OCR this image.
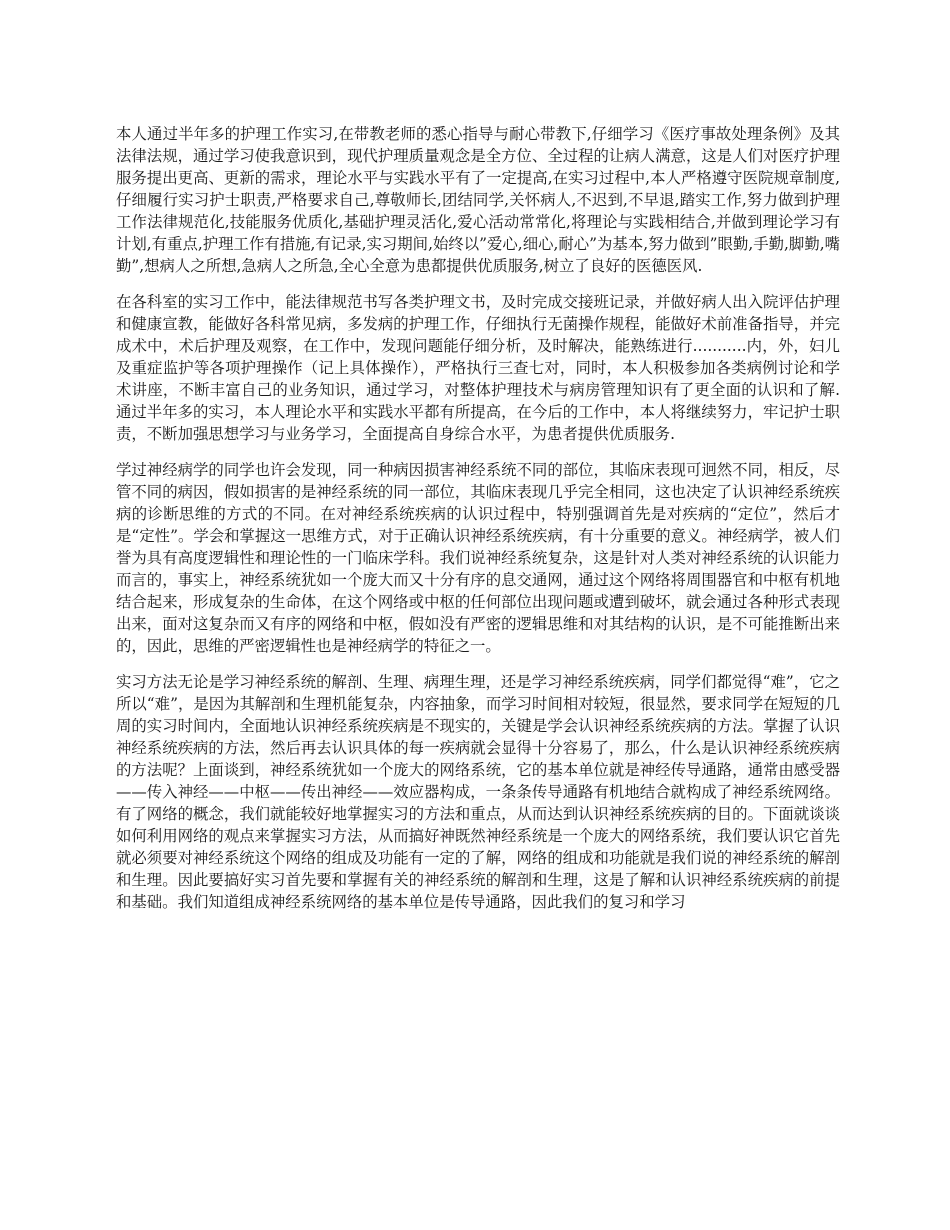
本人通过半年多的护理工作实习,在带教老师的悉心指导与耐心带教下,仔细学习《医疗事故处理条例》及其法律法规，通过学习使我意识到，现代护理质量观念是全方位、全过程的让病人满意，这是人们对医疗护理服务提出更高、更新的需求，理论水平与实践水平有了一定提高,在实习过程中,本人严格遵守医院规章制度,仔细履行实习护士职责,严格要求自己,尊敬师长,团结同学,关怀病人,不迟到,不早退,踏实工作,努力做到护理工作法律规范化,技能服务优质化,基础护理灵活化,爱心活动常常化,将理论与实践相结合,并做到理论学习有计划,有重点,护理工作有措施,有记录,实习期间,始终以”爱心,细心,耐心”为基本,努力做到”眼勤,手勤,脚勤,嘴勤”,想病人之所想,急病人之所急,全心全意为患都提供优质服务,树立了良好的医德医风.

在各科室的实习工作中，能法律规范书写各类护理文书，及时完成交接班记录，并做好病人出入院评估护理和健康宣教，能做好各科常见病，多发病的护理工作，仔细执行无菌操作规程，能做好术前准备指导，并完成术中，术后护理及观察，在工作中，发现问题能仔细分析，及时解决，能熟练进行...........内，外，妇儿及重症监护等各项护理操作（记上具体操作），严格执行三查七对，同时，本人积极参加各类病例讨论和学术讲座，不断丰富自己的业务知识，通过学习，对整体护理技术与病房管理知识有了更全面的认识和了解. 通过半年多的实习，本人理论水平和实践水平都有所提高，在今后的工作中，本人将继续努力，牢记护士职责，不断加强思想学习与业务学习，全面提高自身综合水平，为患者提供优质服务.

学过神经病学的同学也许会发现，同一种病因损害神经系统不同的部位，其临床表现可迥然不同，相反，尽管不同的病因，假如损害的是神经系统的同一部位，其临床表现几乎完全相同，这也决定了认识神经系统疾病的诊断思维的方式的不同。在对神经系统疾病的认识过程中，特别强调首先是对疾病的“定位”，然后才是“定性”。学会和掌握这一思维方式，对于正确认识神经系统疾病，有十分重要的意义。神经病学，被人们誉为具有高度逻辑性和理论性的一门临床学科。我们说神经系统复杂，这是针对人类对神经系统的认识能力而言的，事实上，神经系统犹如一个庞大而又十分有序的息交通网，通过这个网络将周围器官和中枢有机地结合起来，形成复杂的生命体，在这个网络或中枢的任何部位出现问题或遭到破坏，就会通过各种形式表现出来，面对这复杂而又有序的网络和中枢，假如没有严密的逻辑思维和对其结构的认识，是不可能推断出来的，因此，思维的严密逻辑性也是神经病学的特征之一。

实习方法无论是学习神经系统的解剖、生理、病理生理，还是学习神经系统疾病，同学们都觉得“难”，它之所以“难”，是因为其解剖和生理机能复杂，内容抽象，而学习时间相对较短，很显然，要求同学在短短的几周的实习时间内，全面地认识神经系统疾病是不现实的，关键是学会认识神经系统疾病的方法。掌握了认识神经系统疾病的方法，然后再去认识具体的每一疾病就会显得十分容易了，那么，什么是认识神经系统疾病的方法呢？上面谈到，神经系统犹如一个庞大的网络系统，它的基本单位就是神经传导通路，通常由感受器——传入神经——中枢——传出神经——效应器构成，一条条传导通路有机地结合就构成了神经系统网络。有了网络的概念，我们就能较好地掌握实习的方法和重点，从而达到认识神经系统疾病的目的。下面就谈谈如何利用网络的观点来掌握实习方法，从而搞好神既然神经系统是一个庞大的网络系统，我们要认识它首先就必须要对神经系统这个网络的组成及功能有一定的了解，网络的组成和功能就是我们说的神经系统的解剖和生理。因此要搞好实习首先要和掌握有关的神经系统的解剖和生理，这是了解和认识神经系统疾病的前提和基础。我们知道组成神经系统网络的基本单位是传导通路，因此我们的复习和学习
